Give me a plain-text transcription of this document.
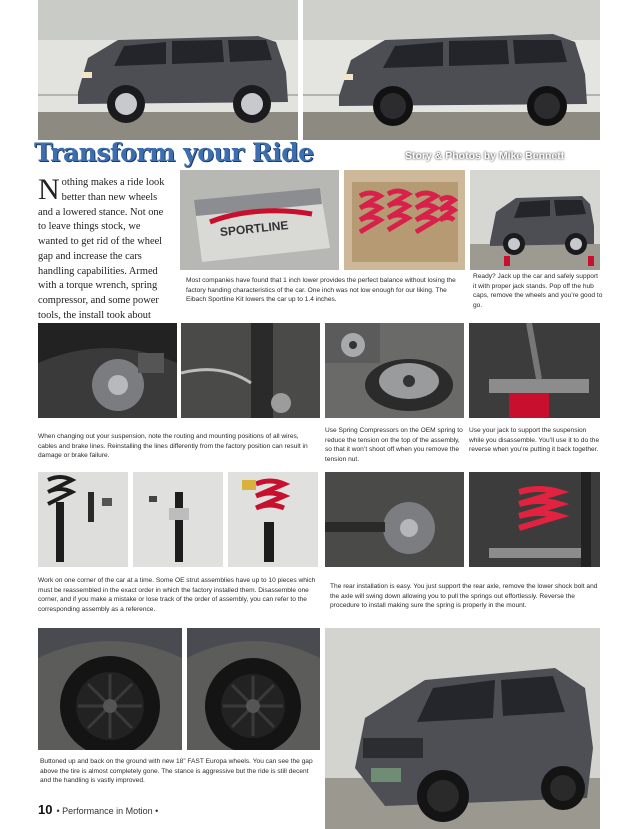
Transform your Ride	Story & Photos by Mike Bennett
Nothing makes a ride look better than new wheels and a lowered stance. Not one to leave things stock, we wanted to get rid of the wheel gap and increase the cars handling capabilities. Armed with a torque wrench, spring compressor, and some power tools, the install took about
SPORTLINE
Most companies have found that 1 inch lower provides the perfect balance without losing the factory handing characteristics of the car. One inch was not low enough for our liking. The Eibach Sportline Kit lowers the car up to 1.4 inches.
Ready? Jack up the car and safely support it with proper jack stands. Pop off the hub caps, remove the wheels and you’re good to go.
When changing out your suspension, note the routing and mounting positions of all wires, cables and brake lines. Reinstalling the lines differently from the factory position can result in damage or brake failure.
Use Spring Compressors on the OEM spring to reduce the tension on the top of the assembly, so that it won’t shoot off when you remove the tension nut.
Use your jack to support the suspension while you disassemble. You’ll use it to do the reverse when you’re putting it back together.
Work on one corner of the car at a time. Some OE strut assemblies have up to 10 pieces which must be reassembled in the exact order in which the factory installed them. Disassemble one corner, and if you make a mistake or lose track of the order of assembly, you can refer to the corresponding assembly as a reference.
The rear installation is easy. You just support the rear axle, remove the lower shock bolt and the axle will swing down allowing you to pull the springs out effortlessly. Reverse the procedure to install making sure the spring is properly in the mount.
Buttoned up and back on the ground with new 18” FAST Europa wheels. You can see the gap above the tire is almost completely gone. The stance is aggressive but the ride is still decent and the handling is vastly improved.
10 • Performance in Motion •
